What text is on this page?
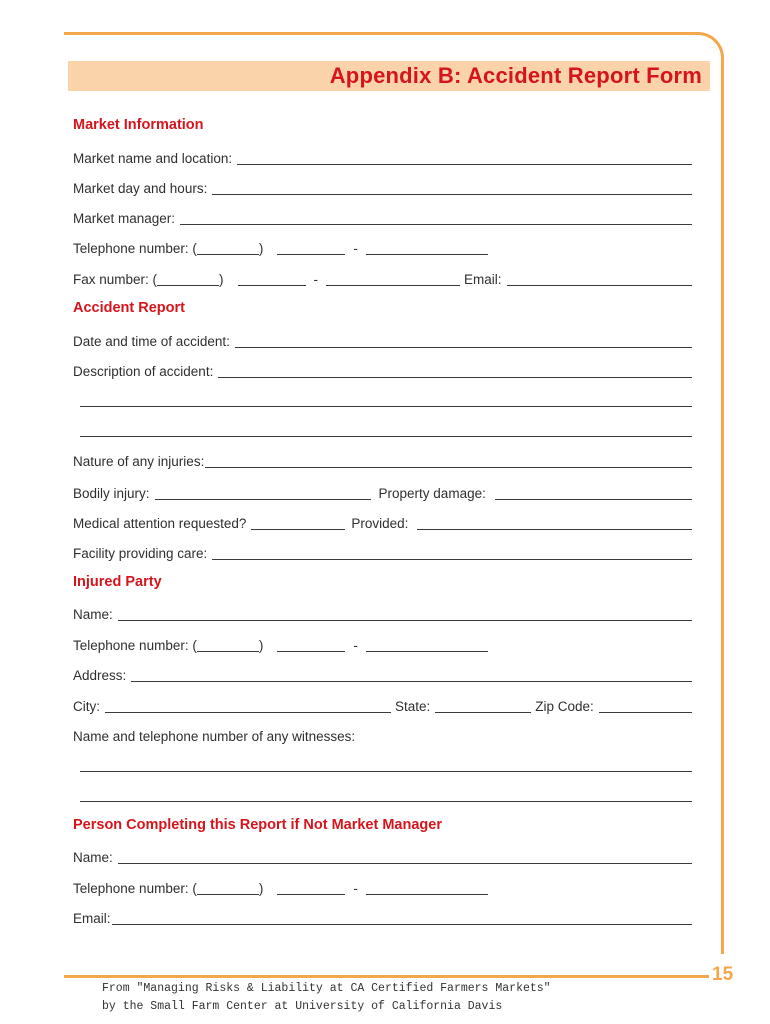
Appendix B: Accident Report Form
Market Information
Market name and location:
Market day and hours:
Market manager:
Telephone number: (	)	-
Fax number: (	)	-	Email:
Accident Report
Date and time of accident:
Description of accident:
Nature of any injuries:
Bodily injury:	Property damage:
Medical attention requested?	Provided:
Facility providing care:
Injured Party
Name:
Telephone number: (	)	-
Address:
City:	State:	Zip Code:
Name and telephone number of any witnesses:
Person Completing this Report if Not Market Manager
Name:
Telephone number: (	)	-
Email:
15
From "Managing Risks & Liability at CA Certified Farmers Markets"
by the Small Farm Center at University of California Davis
